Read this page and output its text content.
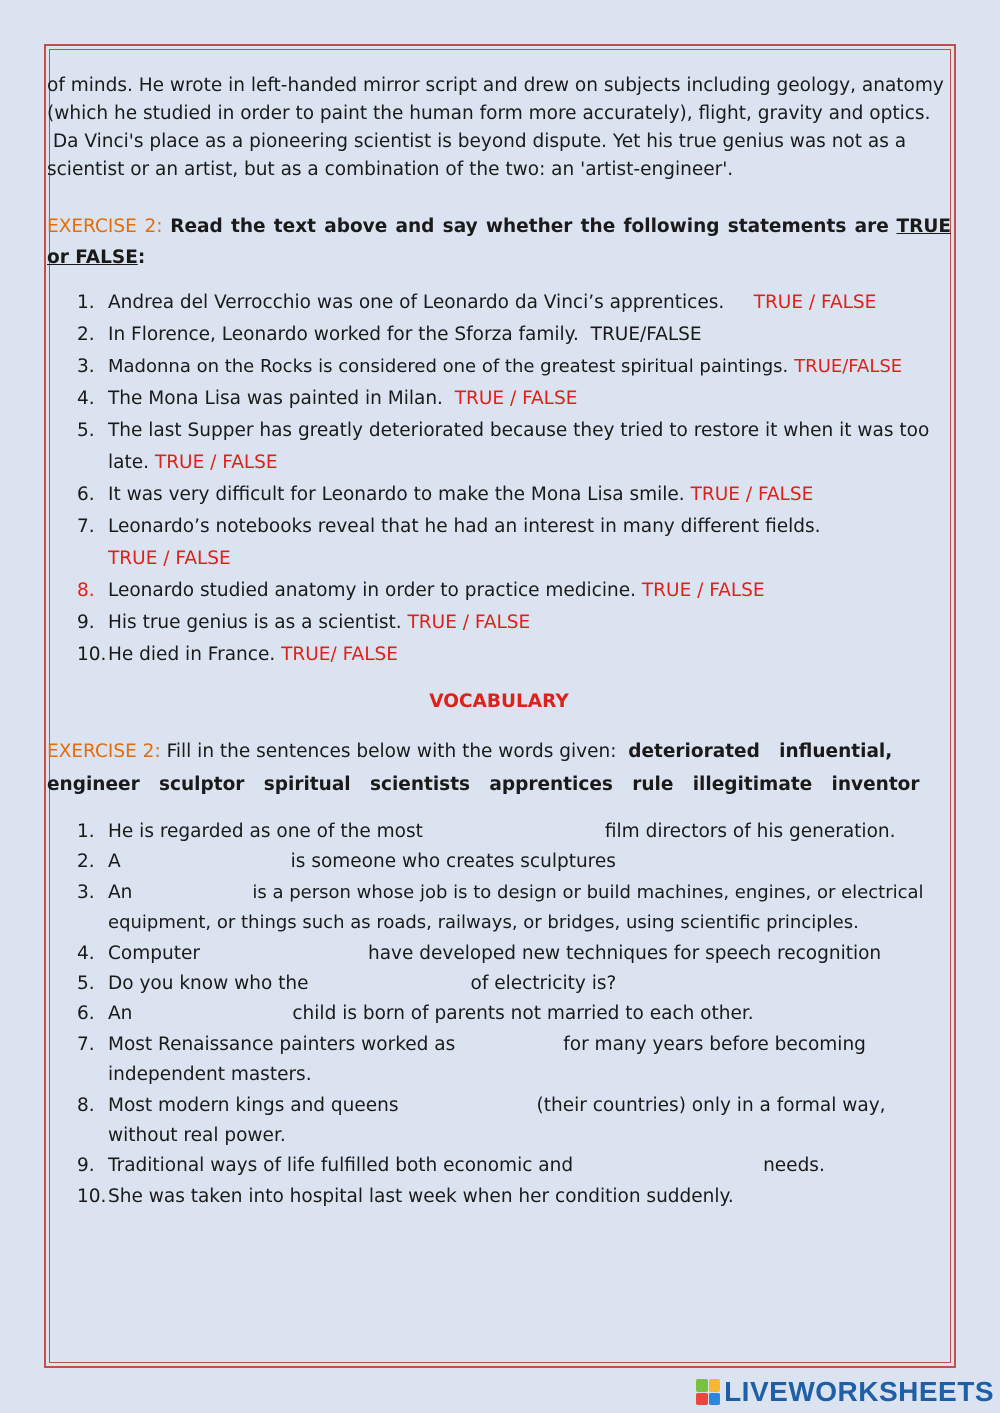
of minds. He wrote in left-handed mirror script and drew on subjects including geology, anatomy
(which he studied in order to paint the human form more accurately), flight, gravity and optics.
Da Vinci's place as a pioneering scientist is beyond dispute. Yet his true genius was not as a
scientist or an artist, but as a combination of the two: an 'artist-engineer'.
EXERCISE 2: Read the text above and say whether the following statements are TRUE or FALSE:
1. Andrea del Verrocchio was one of Leonardo da Vinci’s apprentices. TRUE / FALSE
2. In Florence, Leonardo worked for the Sforza family. TRUE/FALSE
3. Madonna on the Rocks is considered one of the greatest spiritual paintings. TRUE/FALSE
4. The Mona Lisa was painted in Milan. TRUE / FALSE
5. The last Supper has greatly deteriorated because they tried to restore it when it was too late. TRUE / FALSE
6. It was very difficult for Leonardo to make the Mona Lisa smile. TRUE / FALSE
7. Leonardo’s notebooks reveal that he had an interest in many different fields.
TRUE / FALSE
8. Leonardo studied anatomy in order to practice medicine. TRUE / FALSE
9. His true genius is as a scientist. TRUE / FALSE
10. He died in France. TRUE/ FALSE
VOCABULARY
EXERCISE 2: Fill in the sentences below with the words given: deteriorated   influential,
engineer   sculptor   spiritual   scientists   apprentices   rule   illegitimate   inventor
1. He is regarded as one of the most	film directors of his generation.
2. A	is someone who creates sculptures
3. An	is a person whose job is to design or build machines, engines, or electrical equipment, or things such as roads, railways, or bridges, using scientific principles.
4. Computer	have developed new techniques for speech recognition
5. Do you know who the	of electricity is?
6. An	child is born of parents not married to each other.
7. Most Renaissance painters worked as	for many years before becoming independent masters.
8. Most modern kings and queens	(their countries) only in a formal way, without real power.
9. Traditional ways of life fulfilled both economic and	needs.
10. She was taken into hospital last week when her condition suddenly.
LIVEWORKSHEETS
